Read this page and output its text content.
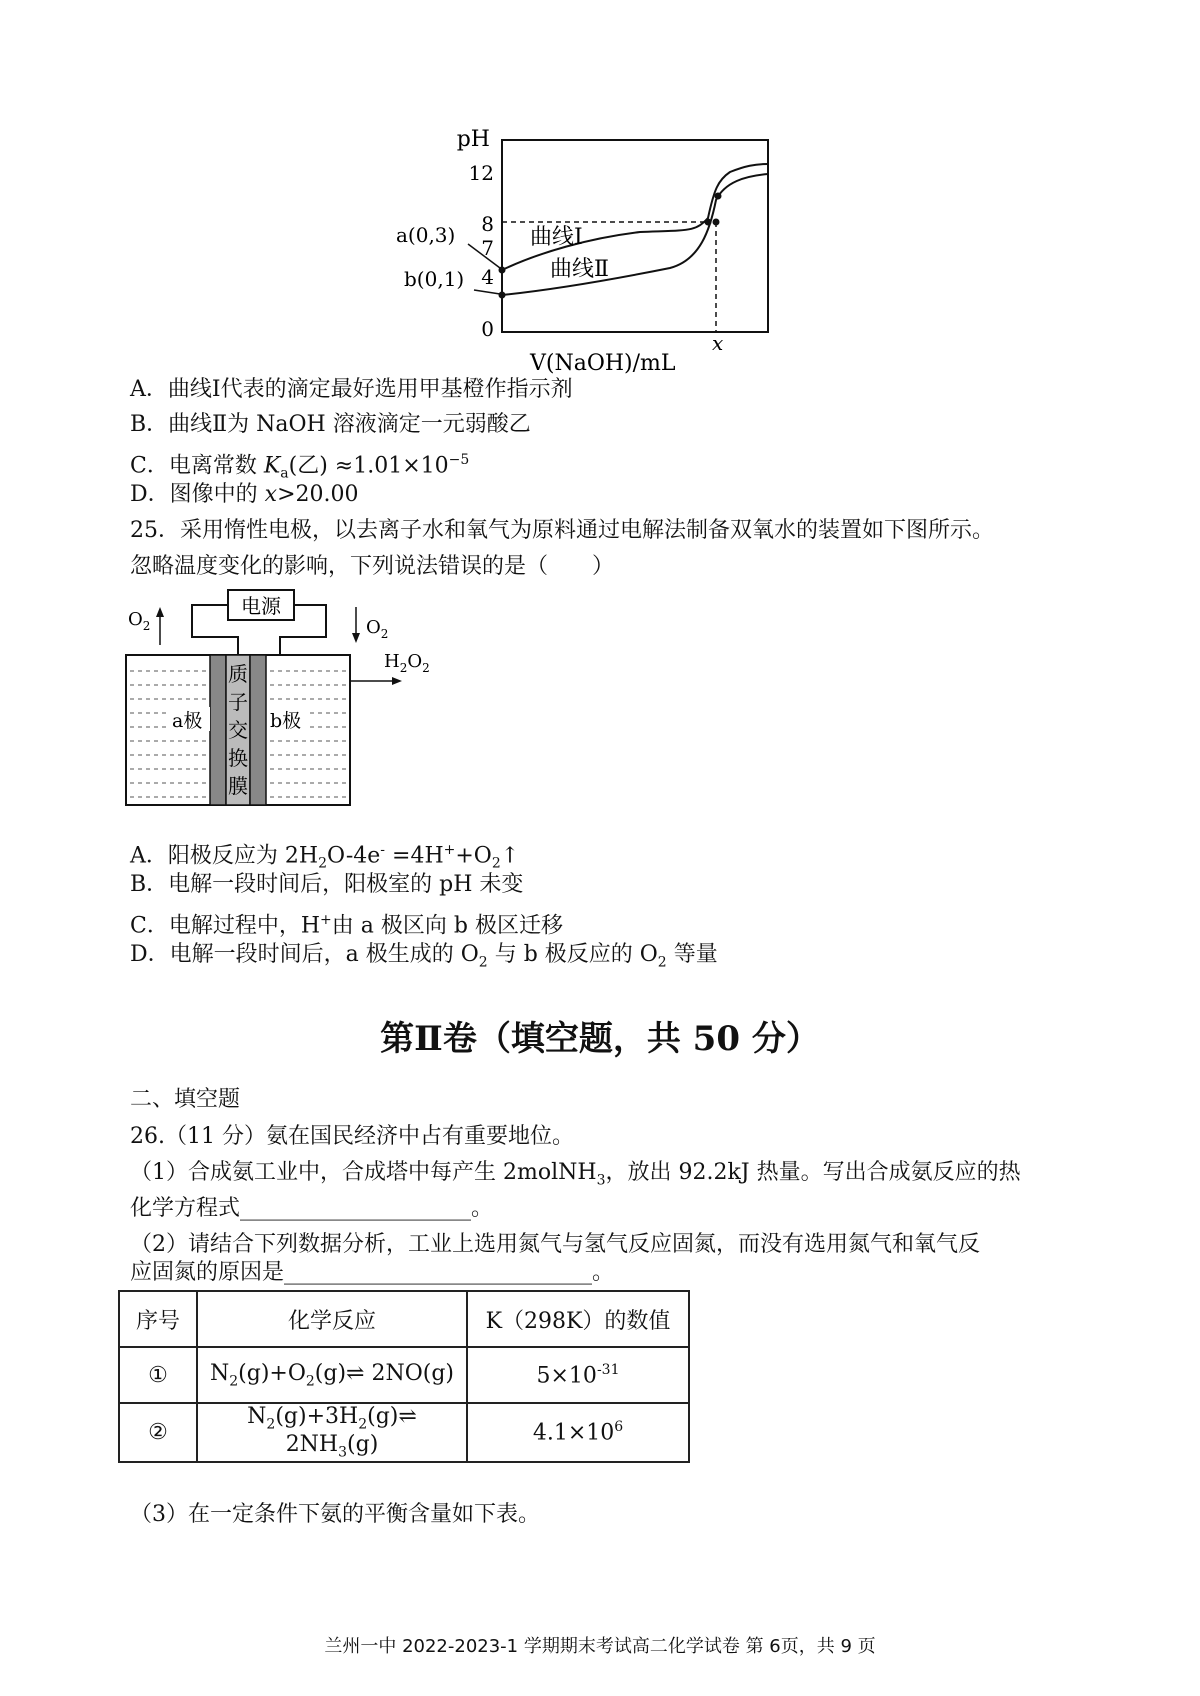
pH
12
8
7
4
0
曲线Ⅰ
曲线Ⅱ
a(0,3)
b(0,1)
x
V(NaOH)/mL
A．曲线Ⅰ代表的滴定最好选用甲基橙作指示剂
B．曲线Ⅱ为 NaOH 溶液滴定一元弱酸乙
C．电离常数 $K_a$(乙) $\approx 1.01\times 10^{-5}$
D．图像中的 x>20.00
25．采用惰性电极，以去离子水和氧气为原料通过电解法制备双氧水的装置如下图所示。
忽略温度变化的影响，下列说法错误的是（　　）
电源
$O_2$	$O_2$
$H_2O_2$
质
子
交
换
膜
a极	b极
A．阳极反应为 $2H_2O-4e^-$ $=4H^++O_2↑$
B．电解一段时间后，阳极室的 pH 未变
C．电解过程中，H+由 a 极区向 b 极区迁移
D．电解一段时间后，a 极生成的 $O_2$ 与 b 极反应的 $O_2$ 等量
第Ⅱ卷（填空题，共 50 分）
二、填空题
26.（11 分）氨在国民经济中占有重要地位。
（1）合成氨工业中，合成塔中每产生 2molNH$_3$，放出 92.2kJ 热量。写出合成氨反应的热
化学方程式_____________________。
（2）请结合下列数据分析，工业上选用氮气与氢气反应固氮，而没有选用氮气和氧气反
应固氮的原因是____________________________。
序号	化学反应	K（298K）的数值
①	$N_2(g)+O_2(g)\rightleftharpoons$ 2NO(g)	$5\times 10^{-31}$
②	$N_2(g)+3H_2(g)\rightleftharpoons$ $2NH_3(g)$	$4.1\times 10^6$
（3）在一定条件下氨的平衡含量如下表。
兰州一中 2022-2023-1 学期期末考试高二化学试卷 第 6页，共 9 页
